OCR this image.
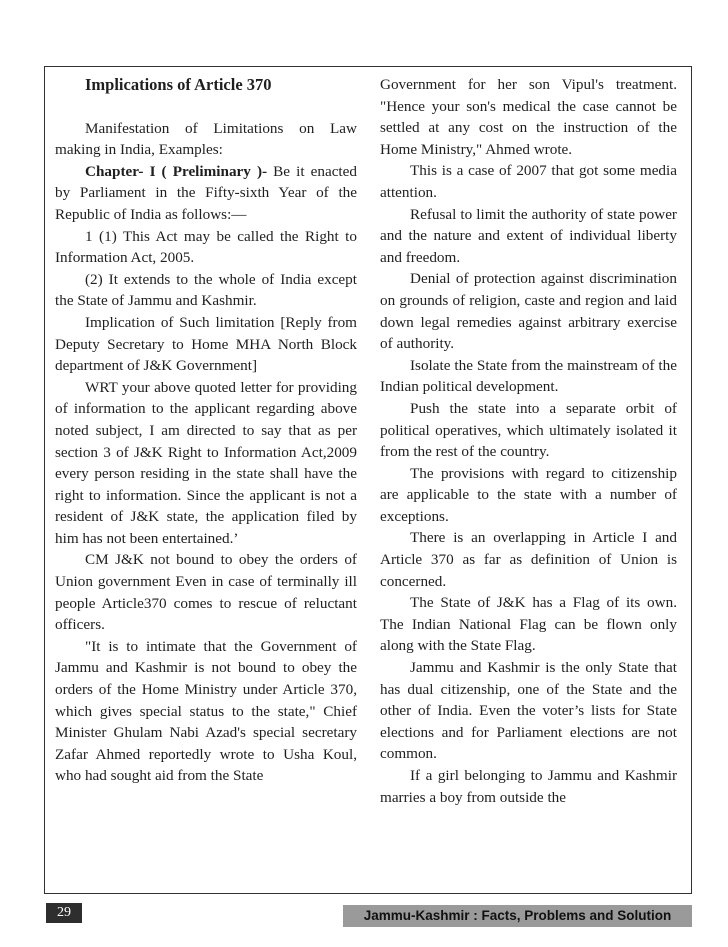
Implications of Article 370

Manifestation of Limitations on Law making in India, Examples:

Chapter- I ( Preliminary )- Be it enacted by Parliament in the Fifty-sixth Year of the Republic of India as follows:—

1 (1) This Act may be called the Right to Information Act, 2005.

(2) It extends to the whole of India except the State of Jammu and Kashmir.

Implication of Such limitation [Reply from Deputy Secretary to Home MHA North Block department of J&K Government]

WRT your above quoted letter for providing of information to the applicant regarding above noted subject, I am directed to say that as per section 3 of J&K Right to Information Act,2009 every person residing in the state shall have the right to information. Since the applicant is not a resident of J&K state, the application filed by him has not been entertained.’

CM J&K not bound to obey the orders of Union government Even in case of terminally ill people Article370 comes to rescue of reluctant officers.

"It is to intimate that the Government of Jammu and Kashmir is not bound to obey the orders of the Home Ministry under Article 370, which gives special status to the state," Chief Minister Ghulam Nabi Azad's special secretary Zafar Ahmed reportedly wrote to Usha Koul, who had sought aid from the State

Government for her son Vipul's treatment. "Hence your son's medical the case cannot be settled at any cost on the instruction of the Home Ministry," Ahmed wrote.

This is a case of 2007 that got some media attention.

Refusal to limit the authority of state power and the nature and extent of individual liberty and freedom.

Denial of protection against discrimination on grounds of religion, caste and region and laid down legal remedies against arbitrary exercise of authority.

Isolate the State from the mainstream of the Indian political development.

Push the state into a separate orbit of political operatives, which ultimately isolated it from the rest of the country.

The provisions with regard to citizenship are applicable to the state with a number of exceptions.

There is an overlapping in Article I and Article 370 as far as definition of Union is concerned.

The State of J&K has a Flag of its own. The Indian National Flag can be flown only along with the State Flag.

Jammu and Kashmir is the only State that has dual citizenship, one of the State and the other of India. Even the voter’s lists for State elections and for Parliament elections are not common.

If a girl belonging to Jammu and Kashmir marries a boy from outside the

29	Jammu-Kashmir : Facts, Problems and Solution
